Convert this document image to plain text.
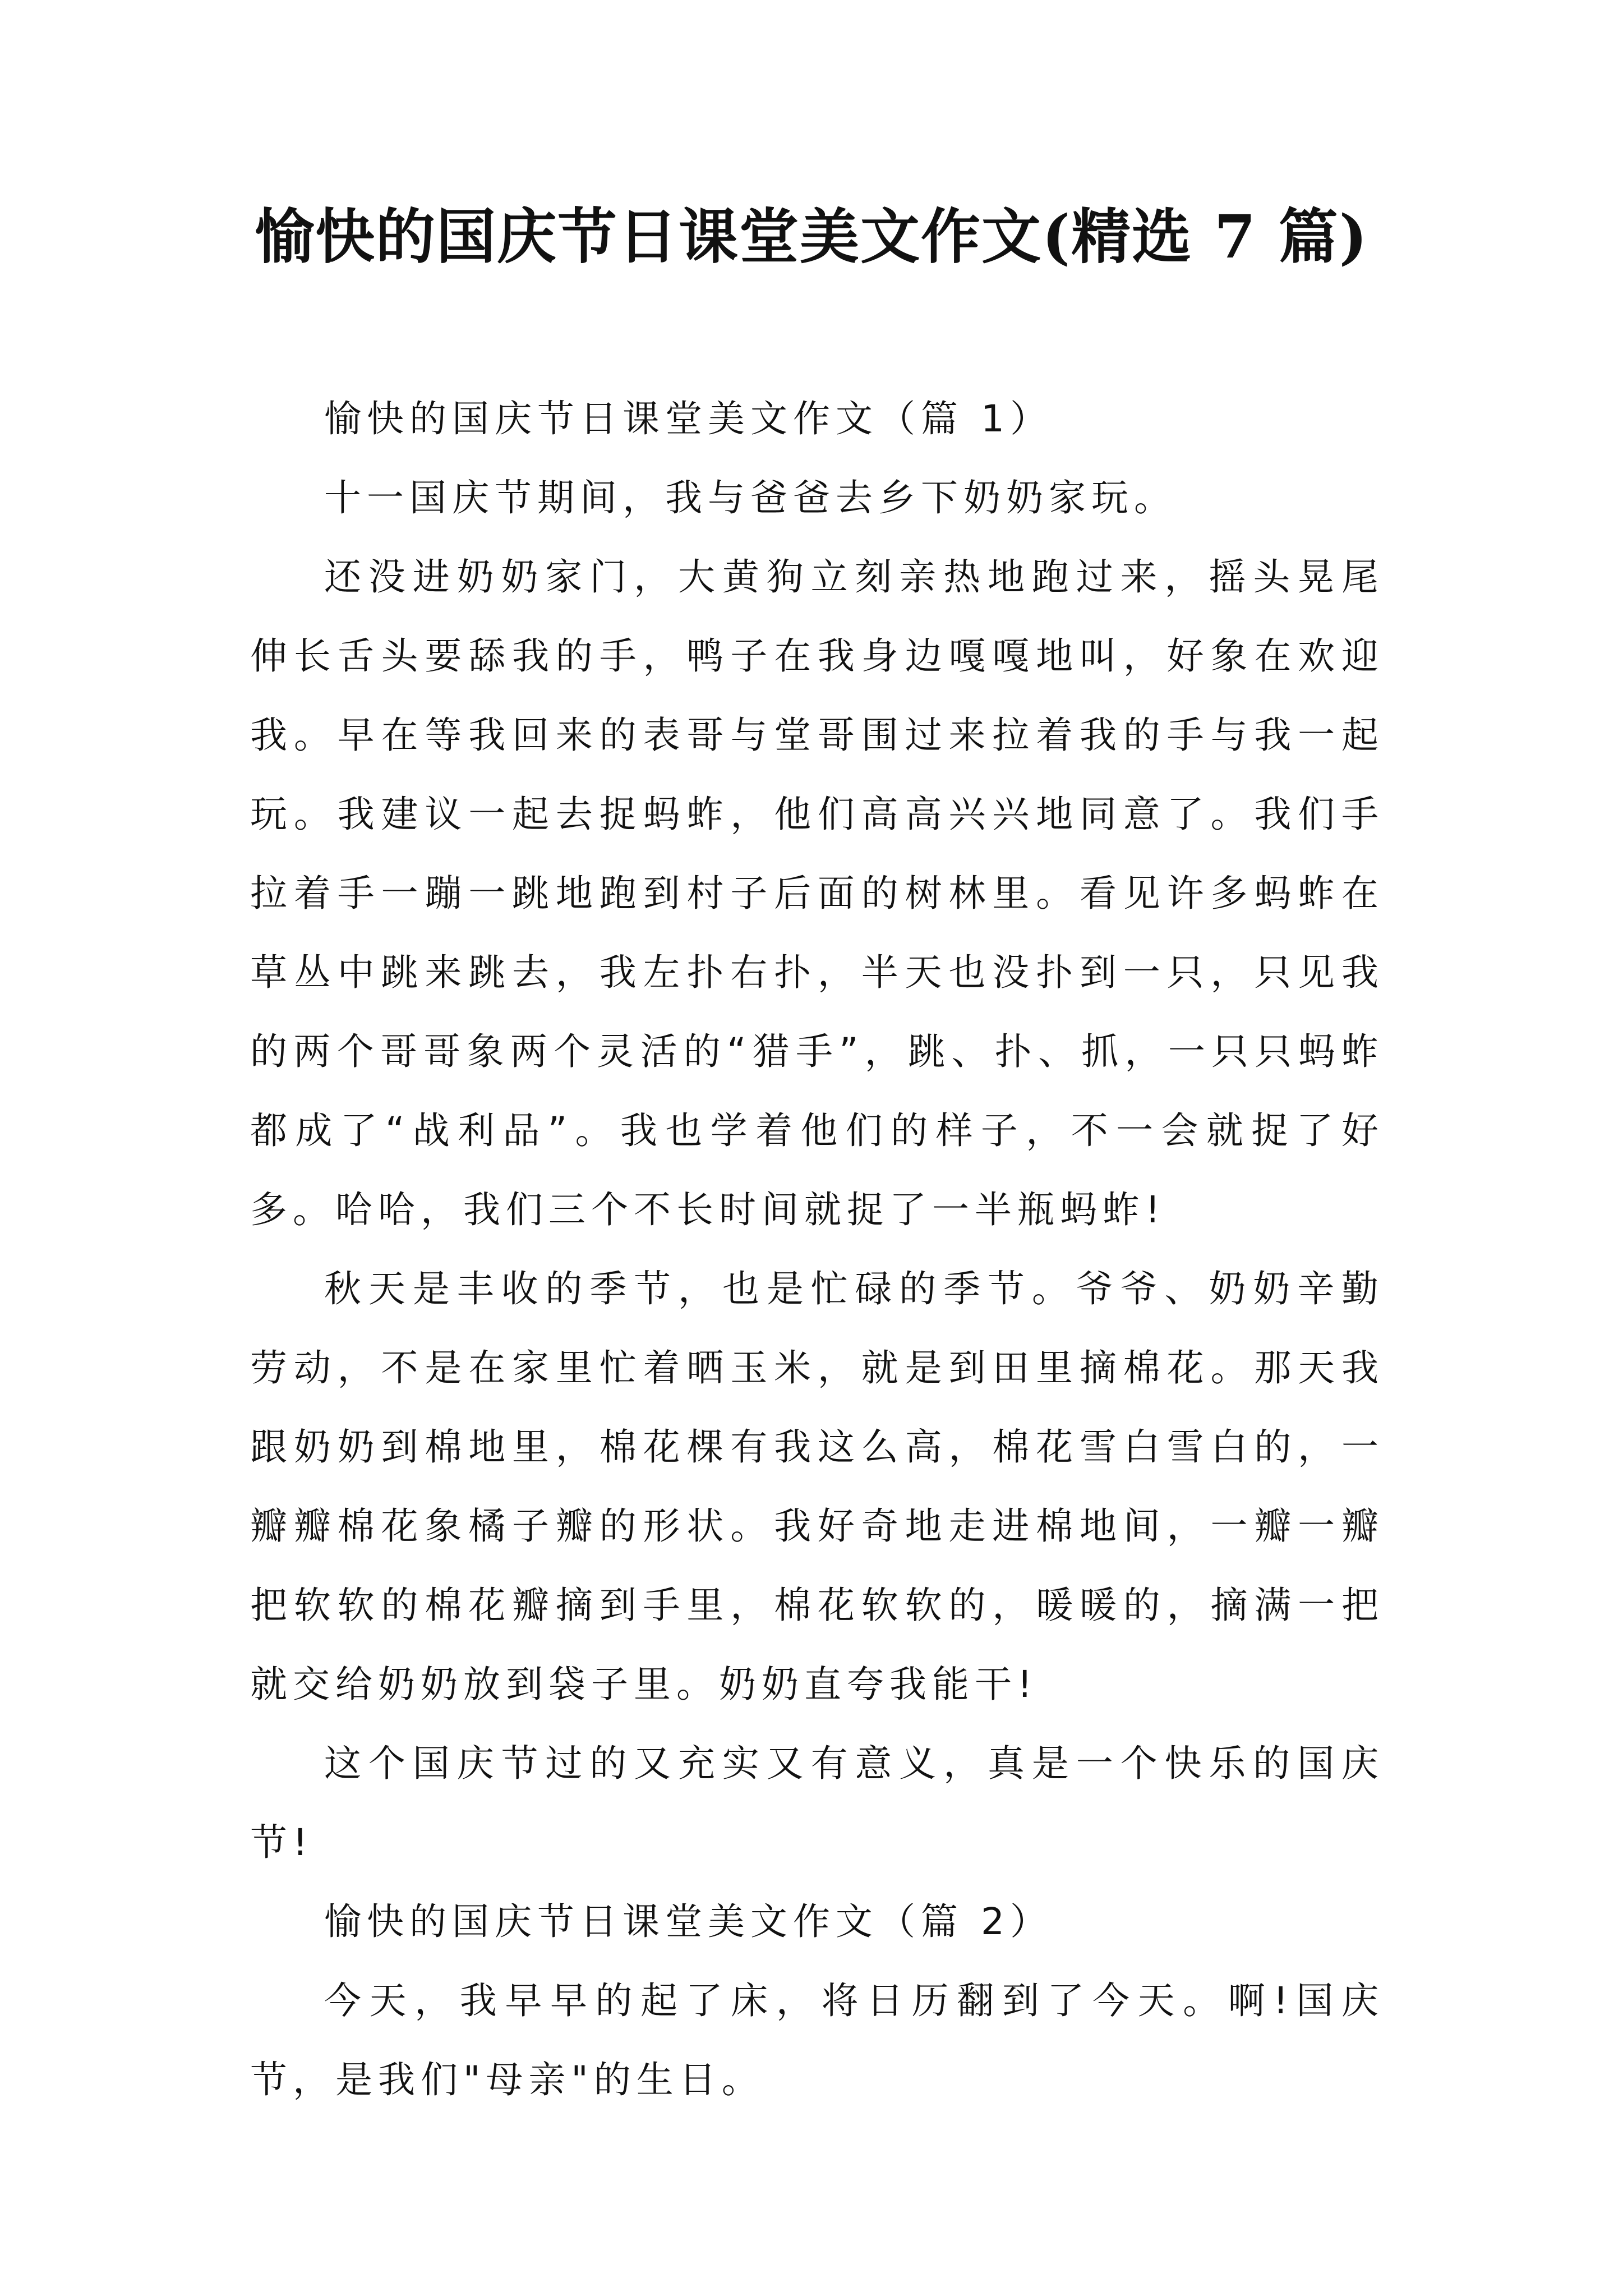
愉快的国庆节日课堂美文作文(精选 7 篇)

愉快的国庆节日课堂美文作文（篇 1）

十一国庆节期间，我与爸爸去乡下奶奶家玩。

还没进奶奶家门，大黄狗立刻亲热地跑过来，摇头晃尾伸长舌头要舔我的手，鸭子在我身边嘎嘎地叫，好象在欢迎我。早在等我回来的表哥与堂哥围过来拉着我的手与我一起玩。我建议一起去捉蚂蚱，他们高高兴兴地同意了。我们手拉着手一蹦一跳地跑到村子后面的树林里。看见许多蚂蚱在草丛中跳来跳去，我左扑右扑，半天也没扑到一只，只见我的两个哥哥象两个灵活的“猎手”，跳、扑、抓，一只只蚂蚱都成了“战利品”。我也学着他们的样子，不一会就捉了好多。哈哈，我们三个不长时间就捉了一半瓶蚂蚱!

秋天是丰收的季节，也是忙碌的季节。爷爷、奶奶辛勤劳动，不是在家里忙着晒玉米，就是到田里摘棉花。那天我跟奶奶到棉地里，棉花棵有我这么高，棉花雪白雪白的，一瓣瓣棉花象橘子瓣的形状。我好奇地走进棉地间，一瓣一瓣把软软的棉花瓣摘到手里，棉花软软的，暖暖的，摘满一把就交给奶奶放到袋子里。奶奶直夸我能干!

这个国庆节过的又充实又有意义，真是一个快乐的国庆节!

愉快的国庆节日课堂美文作文（篇 2）

今天，我早早的起了床，将日历翻到了今天。啊!国庆节，是我们"母亲"的生日。
